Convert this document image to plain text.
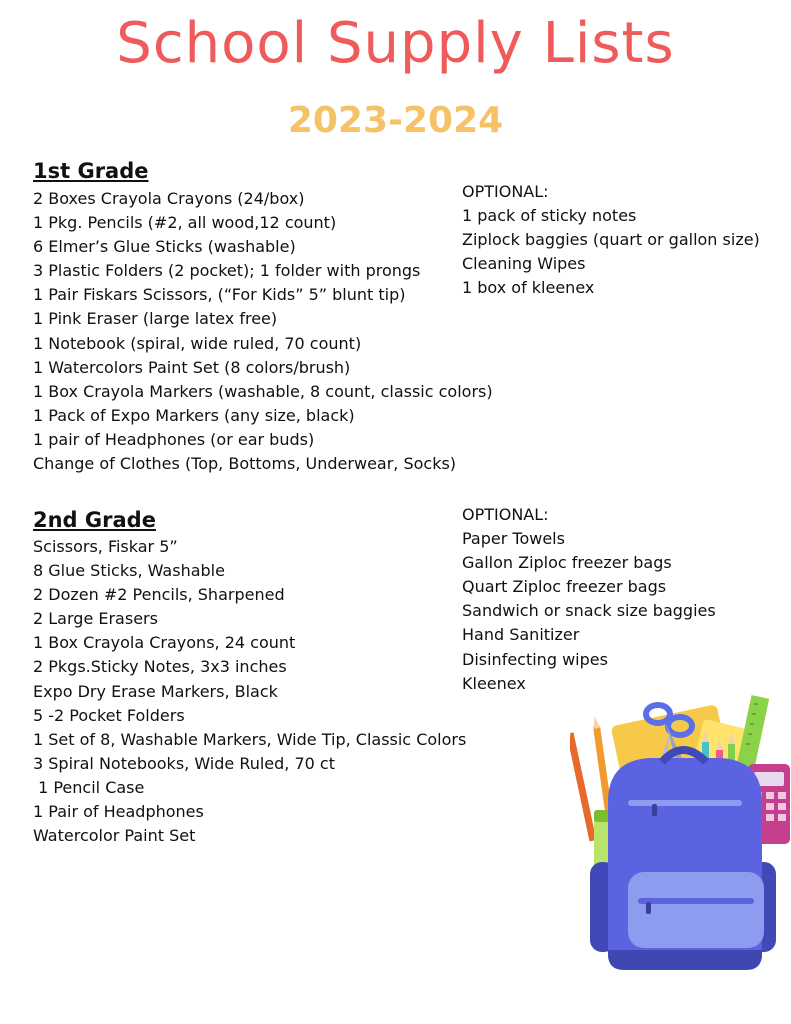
School Supply Lists
2023-2024

1st Grade

2 Boxes Crayola Crayons (24/box)
1 Pkg. Pencils (#2, all wood,12 count)
6 Elmer’s Glue Sticks (washable)
3 Plastic Folders (2 pocket); 1 folder with prongs
1 Pair Fiskars Scissors, (“For Kids” 5” blunt tip)
1 Pink Eraser (large latex free)
1 Notebook (spiral, wide ruled, 70 count)
1 Watercolors Paint Set (8 colors/brush)
1 Box Crayola Markers (washable, 8 count, classic colors)
1 Pack of Expo Markers (any size, black)
1 pair of Headphones (or ear buds)
Change of Clothes (Top, Bottoms, Underwear, Socks)

OPTIONAL:

1 pack of sticky notes
Ziplock baggies (quart or gallon size)
Cleaning Wipes
1 box of kleenex

2nd Grade

Scissors, Fiskar 5”
8 Glue Sticks, Washable
2 Dozen #2 Pencils, Sharpened
2 Large Erasers
1 Box Crayola Crayons, 24 count
2 Pkgs.Sticky Notes, 3x3 inches
Expo Dry Erase Markers, Black
5 -2 Pocket Folders
1 Set of 8, Washable Markers, Wide Tip, Classic Colors
3 Spiral Notebooks, Wide Ruled, 70 ct
1 Pencil Case
1 Pair of Headphones
Watercolor Paint Set

OPTIONAL:

Paper Towels
Gallon Ziploc freezer bags
Quart Ziploc freezer bags
Sandwich or snack size baggies
Hand Sanitizer
Disinfecting wipes
Kleenex
